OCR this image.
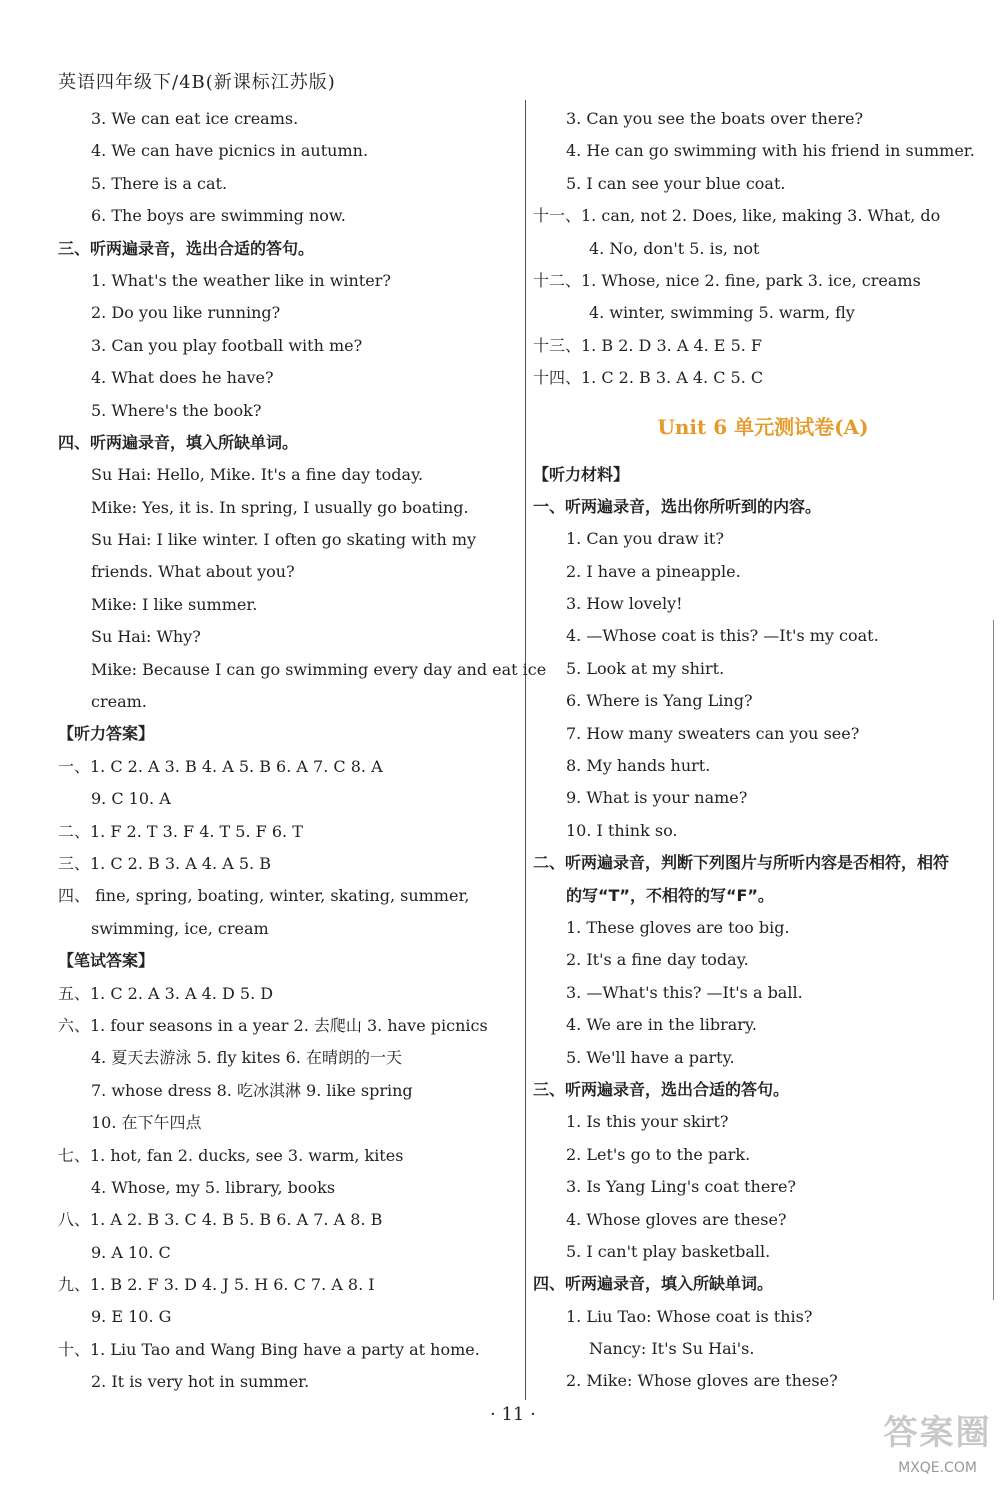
英语四年级下/4B(新课标江苏版)
3. We can eat ice creams.
4. We can have picnics in autumn.
5. There is a cat.
6. The boys are swimming now.
三、听两遍录音，选出合适的答句。
1. What's the weather like in winter?
2. Do you like running?
3. Can you play football with me?
4. What does he have?
5. Where's the book?
四、听两遍录音，填入所缺单词。
Su Hai: Hello, Mike. It's a fine day today.
Mike: Yes, it is. In spring, I usually go boating.
Su Hai: I like winter. I often go skating with my
friends. What about you?
Mike: I like summer.
Su Hai: Why?
Mike: Because I can go swimming every day and eat ice
cream.
【听力答案】
一、1. C 2. A 3. B 4. A 5. B 6. A 7. C 8. A
9. C 10. A
二、1. F 2. T 3. F 4. T 5. F 6. T
三、1. C 2. B 3. A 4. A 5. B
四、 fine, spring, boating, winter, skating, summer,
swimming, ice, cream
【笔试答案】
五、1. C 2. A 3. A 4. D 5. D
六、1. four seasons in a year 2. 去爬山 3. have picnics
4. 夏天去游泳 5. fly kites 6. 在晴朗的一天
7. whose dress 8. 吃冰淇淋 9. like spring
10. 在下午四点
七、1. hot, fan 2. ducks, see 3. warm, kites
4. Whose, my 5. library, books
八、1. A 2. B 3. C 4. B 5. B 6. A 7. A 8. B
9. A 10. C
九、1. B 2. F 3. D 4. J 5. H 6. C 7. A 8. I
9. E 10. G
十、1. Liu Tao and Wang Bing have a party at home.
2. It is very hot in summer.
3. Can you see the boats over there?
4. He can go swimming with his friend in summer.
5. I can see your blue coat.
十一、1. can, not 2. Does, like, making 3. What, do
4. No, don't 5. is, not
十二、1. Whose, nice 2. fine, park 3. ice, creams
4. winter, swimming 5. warm, fly
十三、1. B 2. D 3. A 4. E 5. F
十四、1. C 2. B 3. A 4. C 5. C
Unit 6 单元测试卷(A)
【听力材料】
一、听两遍录音，选出你所听到的内容。
1. Can you draw it?
2. I have a pineapple.
3. How lovely!
4. —Whose coat is this? —It's my coat.
5. Look at my shirt.
6. Where is Yang Ling?
7. How many sweaters can you see?
8. My hands hurt.
9. What is your name?
10. I think so.
二、听两遍录音，判断下列图片与所听内容是否相符，相符
的写“T”，不相符的写“F”。
1. These gloves are too big.
2. It's a fine day today.
3. —What's this? —It's a ball.
4. We are in the library.
5. We'll have a party.
三、听两遍录音，选出合适的答句。
1. Is this your skirt?
2. Let's go to the park.
3. Is Yang Ling's coat there?
4. Whose gloves are these?
5. I can't play basketball.
四、听两遍录音，填入所缺单词。
1. Liu Tao: Whose coat is this?
Nancy: It's Su Hai's.
2. Mike: Whose gloves are these?
· 11 ·	答案圈
MXQE.COM
